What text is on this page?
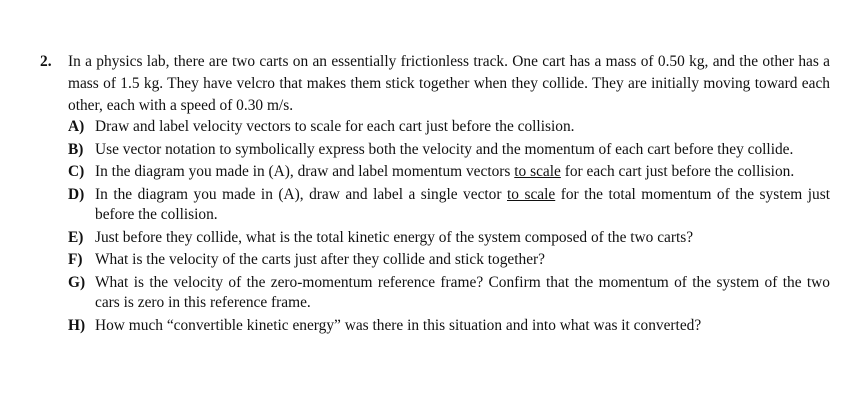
2. In a physics lab, there are two carts on an essentially frictionless track. One cart has a mass of 0.50 kg, and the other has a mass of 1.5 kg. They have velcro that makes them stick together when they collide. They are initially moving toward each other, each with a speed of 0.30 m/s.
A) Draw and label velocity vectors to scale for each cart just before the collision.
B) Use vector notation to symbolically express both the velocity and the momentum of each cart before they collide.
C) In the diagram you made in (A), draw and label momentum vectors to scale for each cart just before the collision.
D) In the diagram you made in (A), draw and label a single vector to scale for the total momentum of the system just before the collision.
E) Just before they collide, what is the total kinetic energy of the system composed of the two carts?
F) What is the velocity of the carts just after they collide and stick together?
G) What is the velocity of the zero-momentum reference frame? Confirm that the momentum of the system of the two cars is zero in this reference frame.
H) How much “convertible kinetic energy” was there in this situation and into what was it converted?
